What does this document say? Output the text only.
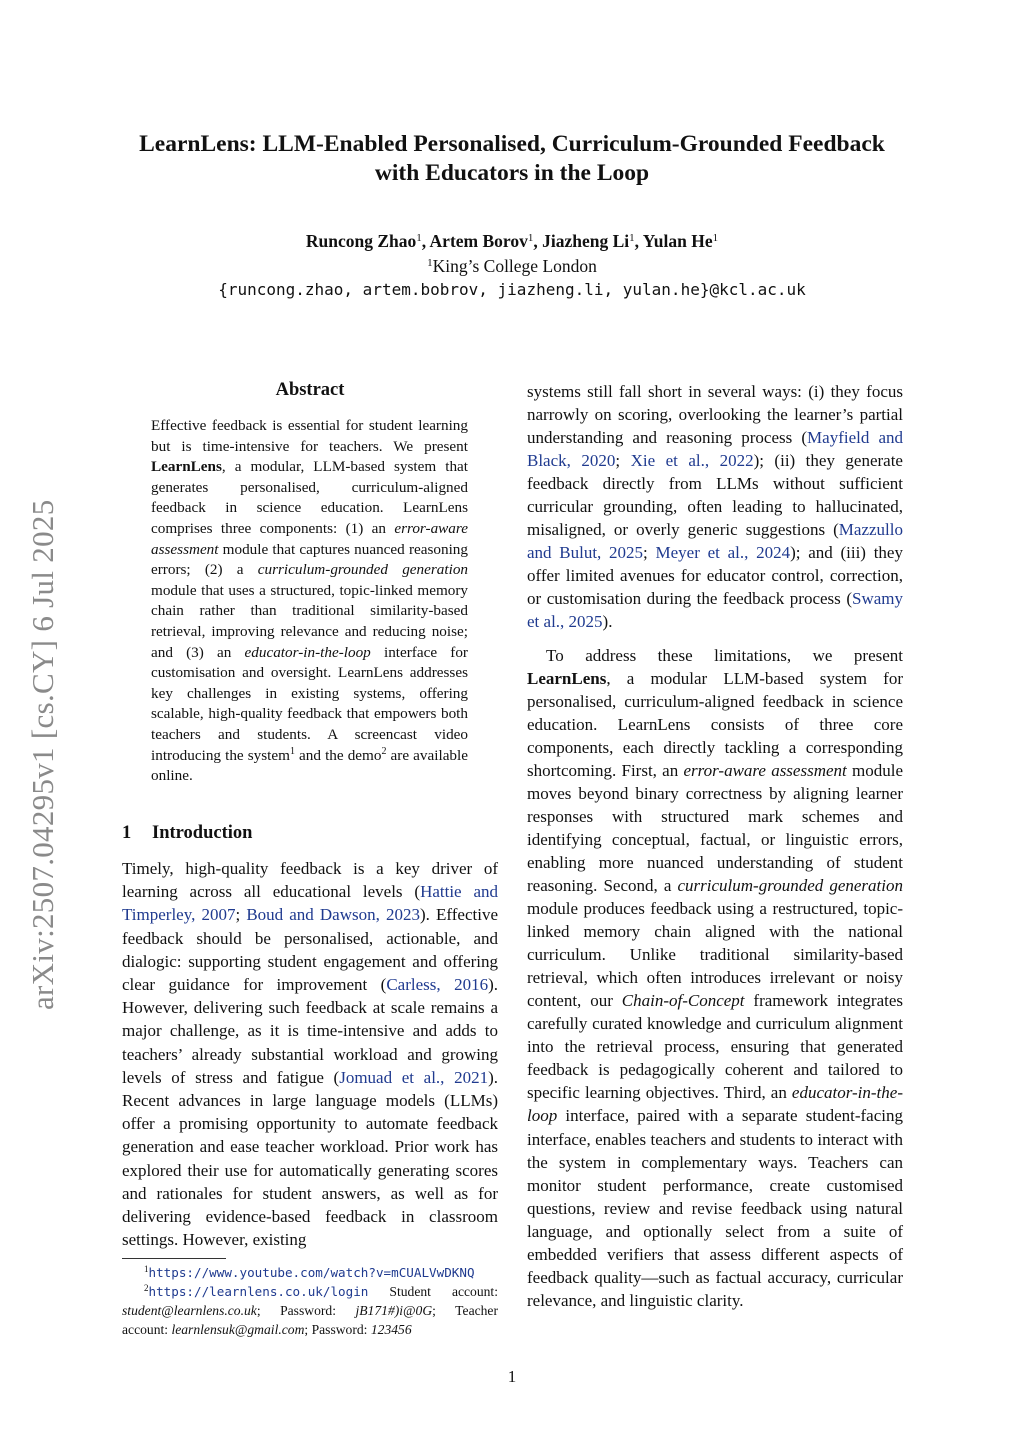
LearnLens: LLM-Enabled Personalised, Curriculum-Grounded Feedback
with Educators in the Loop
Runcong Zhao$^1$, Artem Borov$^1$, Jiazheng Li$^1$, Yulan He$^1$
$^1$King’s College London
{runcong.zhao, artem.bobrov, jiazheng.li, yulan.he}@kcl.ac.uk
arXiv:2507.04295v1 [cs.CY] 6 Jul 2025
Abstract
Effective feedback is essential for student learning but is time-intensive for teachers. We present LearnLens, a modular, LLM-based system that generates personalised, curriculum-aligned feedback in science education. LearnLens comprises three components: (1) an error-aware assessment module that captures nuanced reasoning errors; (2) a curriculum-grounded generation module that uses a structured, topic-linked memory chain rather than traditional similarity-based retrieval, improving relevance and reducing noise; and (3) an educator-in-the-loop interface for customisation and oversight. LearnLens addresses key challenges in existing systems, offering scalable, high-quality feedback that empowers both teachers and students. A screencast video introducing the system$^1$ and the demo$^2$ are available online.
1 Introduction

Timely, high-quality feedback is a key driver of learning across all educational levels (Hattie and Timperley, 2007; Boud and Dawson, 2023). Effective feedback should be personalised, actionable, and dialogic: supporting student engagement and offering clear guidance for improvement (Carless, 2016). However, delivering such feedback at scale remains a major challenge, as it is time-intensive and adds to teachers’ already substantial workload and growing levels of stress and fatigue (Jomuad et al., 2021). Recent advances in large language models (LLMs) offer a promising opportunity to automate feedback generation and ease teacher workload. Prior work has explored their use for automatically generating scores and rationales for student answers, as well as for delivering evidence-based feedback in classroom settings. However, existing

systems still fall short in several ways: (i) they focus narrowly on scoring, overlooking the learner’s partial understanding and reasoning process (Mayfield and Black, 2020; Xie et al., 2022); (ii) they generate feedback directly from LLMs without sufficient curricular grounding, often leading to hallucinated, misaligned, or overly generic suggestions (Mazzullo and Bulut, 2025; Meyer et al., 2024); and (iii) they offer limited avenues for educator control, correction, or customisation during the feedback process (Swamy et al., 2025).

To address these limitations, we present LearnLens, a modular LLM-based system for personalised, curriculum-aligned feedback in science education. LearnLens consists of three core components, each directly tackling a corresponding shortcoming. First, an error-aware assessment module moves beyond binary correctness by aligning learner responses with structured mark schemes and identifying conceptual, factual, or linguistic errors, enabling more nuanced understanding of student reasoning. Second, a curriculum-grounded generation module produces feedback using a restructured, topic-linked memory chain aligned with the national curriculum. Unlike traditional similarity-based retrieval, which often introduces irrelevant or noisy content, our Chain-of-Concept framework integrates carefully curated knowledge and curriculum alignment into the retrieval process, ensuring that generated feedback is pedagogically coherent and tailored to specific learning objectives. Third, an educator-in-the-loop interface, paired with a separate student-facing interface, enables teachers and students to interact with the system in complementary ways. Teachers can monitor student performance, create customised questions, review and revise feedback using natural language, and optionally select from a suite of embedded verifiers that assess different aspects of feedback quality—such as factual accuracy, curricular relevance, and linguistic clarity.

$^1$https://www.youtube.com/watch?v=mCUALVwDKNQ

$^2$https://learnlens.co.uk/login Student account: student@learnlens.co.uk; Password: jB171#)i@0G; Teacher account: learnlensuk@gmail.com; Password: 123456

1
